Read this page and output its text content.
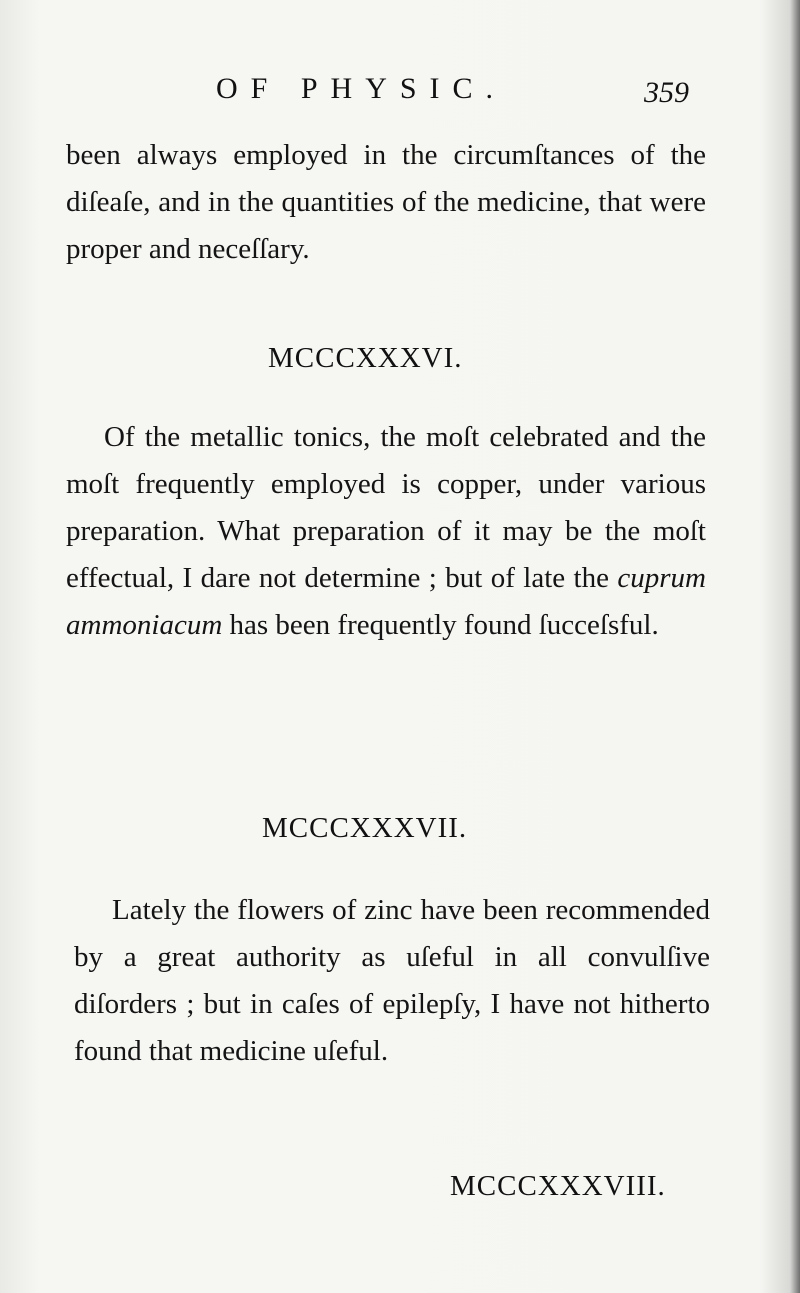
OF PHYSIC.	359

been always employed in the circumſtances of the diſeaſe, and in the quantities of the medicine, that were proper and neceſſary.

MCCCXXXVI.

Of the metallic tonics, the moſt celebrated and the moſt frequently employed is copper, under various preparation. What preparation of it may be the moſt effectual, I dare not determine ; but of late the cuprum ammoniacum has been frequently found ſucceſsful.

MCCCXXXVII.

Lately the flowers of zinc have been recommended by a great authority as uſeful in all convulſive diſorders ; but in caſes of epilepſy, I have not hitherto found that medicine uſeful.

MCCCXXXVIII.
